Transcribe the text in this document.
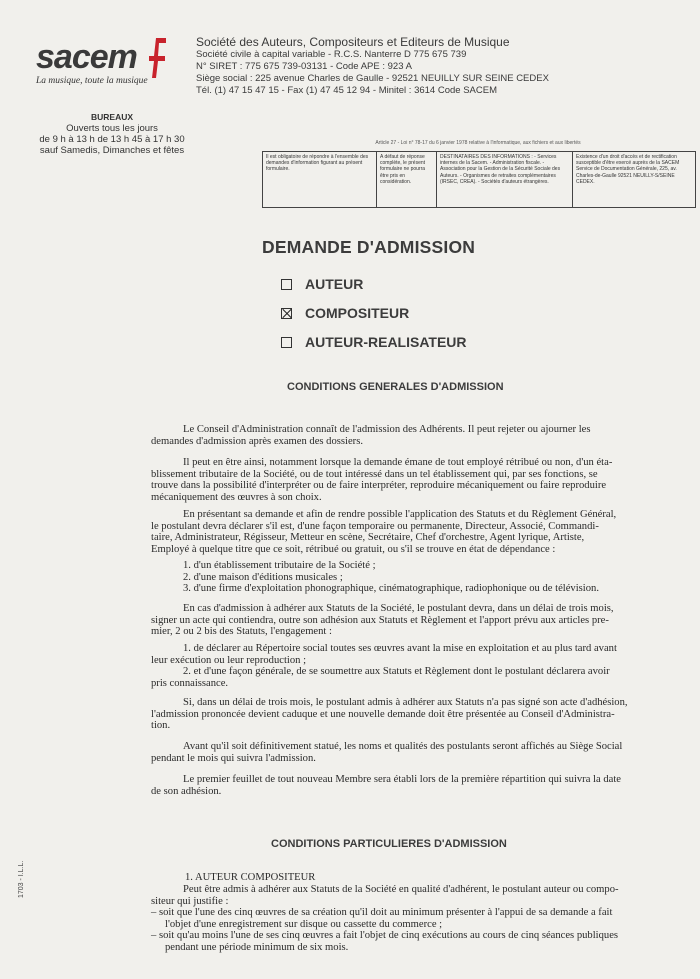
sacem
La musique, toute la musique
BUREAUX
Ouverts tous les jours
de 9 h à 13 h de 13 h 45 à 17 h 30
sauf Samedis, Dimanches et fêtes
Société des Auteurs, Compositeurs et Editeurs de Musique
Société civile à capital variable - R.C.S. Nanterre D 775 675 739
N° SIRET : 775 675 739-03131 - Code APE : 923 A
Siège social : 225 avenue Charles de Gaulle - 92521 NEUILLY SUR SEINE CEDEX
Tél. (1) 47 15 47 15 - Fax (1) 47 45 12 94 - Minitel : 3614 Code SACEM
Article 27 - Loi n° 78-17 du 6 janvier 1978 relative à l'informatique, aux fichiers et aux libertés
Il est obligatoire de répondre à l'ensemble des demandes d'information figurant au présent formulaire.
A défaut de réponse complète, le présent formulaire ne pourra être pris en considération.
DESTINATAIRES DES INFORMATIONS : - Services internes de la Sacem. - Administration fiscale. - Association pour la Gestion de la Sécurité Sociale des Auteurs. - Organismes de retraites complémentaires (IRSEC, CREA). - Sociétés d'auteurs étrangères.
Existence d'un droit d'accès et de rectification susceptible d'être exercé auprès de la SACEM Service de Documentation Générale, 225, av. Charles-de-Gaulle 92521 NEUILLY-S/SEINE CEDEX.
DEMANDE D'ADMISSION
AUTEUR
COMPOSITEUR
AUTEUR-REALISATEUR
CONDITIONS GENERALES D'ADMISSION
Le Conseil d'Administration connaît de l'admission des Adhérents. Il peut rejeter ou ajourner les
demandes d'admission après examen des dossiers.
Il peut en être ainsi, notamment lorsque la demande émane de tout employé rétribué ou non, d'un éta-
blissement tributaire de la Société, ou de tout intéressé dans un tel établissement qui, par ses fonctions, se
trouve dans la possibilité d'interpréter ou de faire interpréter, reproduire mécaniquement ou faire reproduire
mécaniquement des œuvres à son choix.
En présentant sa demande et afin de rendre possible l'application des Statuts et du Règlement Général,
le postulant devra déclarer s'il est, d'une façon temporaire ou permanente, Directeur, Associé, Commandi-
taire, Administrateur, Régisseur, Metteur en scène, Secrétaire, Chef d'orchestre, Agent lyrique, Artiste,
Employé à quelque titre que ce soit, rétribué ou gratuit, ou s'il se trouve en état de dépendance :
1. d'un établissement tributaire de la Société ;
2. d'une maison d'éditions musicales ;
3. d'une firme d'exploitation phonographique, cinématographique, radiophonique ou de télévision.
En cas d'admission à adhérer aux Statuts de la Société, le postulant devra, dans un délai de trois mois,
signer un acte qui contiendra, outre son adhésion aux Statuts et Règlement et l'apport prévu aux articles pre-
mier, 2 ou 2 bis des Statuts, l'engagement :
1. de déclarer au Répertoire social toutes ses œuvres avant la mise en exploitation et au plus tard avant
leur exécution ou leur reproduction ;
2. et d'une façon générale, de se soumettre aux Statuts et Règlement dont le postulant déclarera avoir
pris connaissance.
Si, dans un délai de trois mois, le postulant admis à adhérer aux Statuts n'a pas signé son acte d'adhésion,
l'admission prononcée devient caduque et une nouvelle demande doit être présentée au Conseil d'Administra-
tion.
Avant qu'il soit définitivement statué, les noms et qualités des postulants seront affichés au Siège Social
pendant le mois qui suivra l'admission.
Le premier feuillet de tout nouveau Membre sera établi lors de la première répartition qui suivra la date
de son adhésion.
CONDITIONS PARTICULIERES D'ADMISSION
1. AUTEUR COMPOSITEUR
Peut être admis à adhérer aux Statuts de la Société en qualité d'adhérent, le postulant auteur ou compo-
siteur qui justifie :
– soit que l'une des cinq œuvres de sa création qu'il doit au minimum présenter à l'appui de sa demande a fait
l'objet d'une enregistrement sur disque ou cassette du commerce ;
– soit qu'au moins l'une de ses cinq œuvres a fait l'objet de cinq exécutions au cours de cinq séances publiques
pendant une période minimum de six mois.
1703 - I.L.L.
